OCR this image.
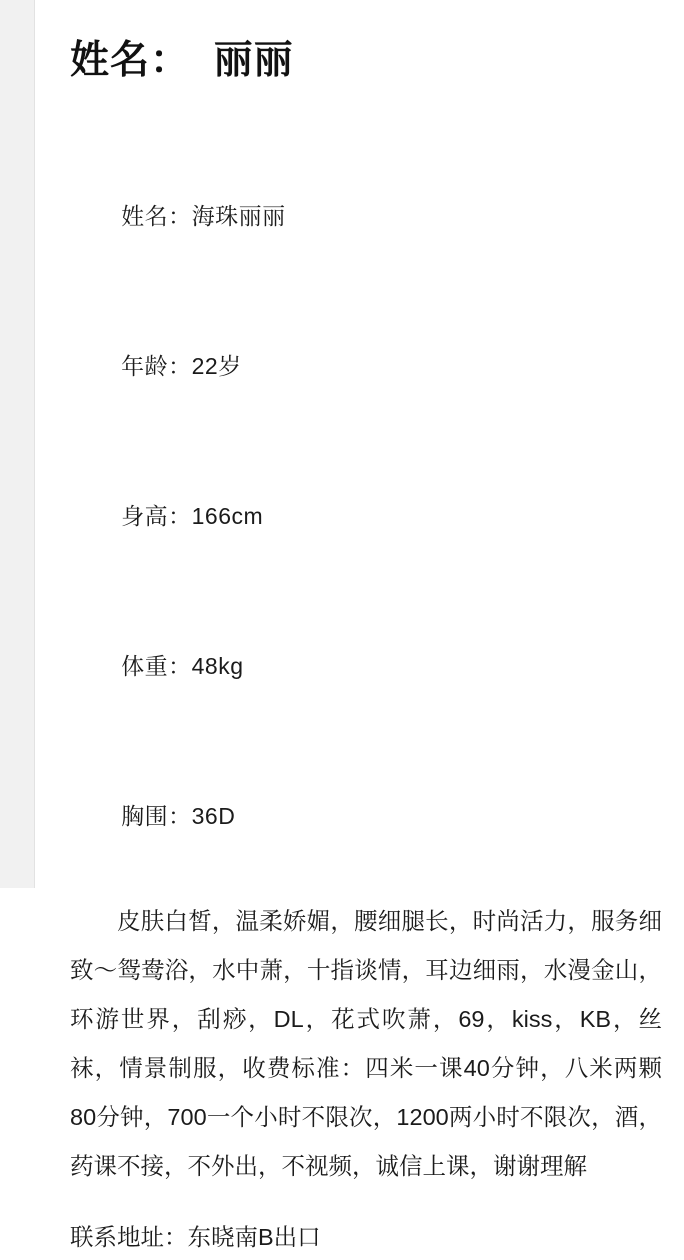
姓名：  丽丽

姓名：海珠丽丽

年龄：22岁

身高：166cm

体重：48kg

胸围：36D

皮肤白皙，温柔娇媚，腰细腿长，时尚活力，服务细致～鸳鸯浴，水中萧，十指谈情，耳边细雨，水漫金山，环游世界，刮痧，DL，花式吹萧，69，kiss，KB，丝袜，情景制服，收费标准：四米一课40分钟，八米两颗80分钟，700一个小时不限次，1200两小时不限次，酒，药课不接，不外出，不视频，诚信上课，谢谢理解

联系地址：东晓南B出口
